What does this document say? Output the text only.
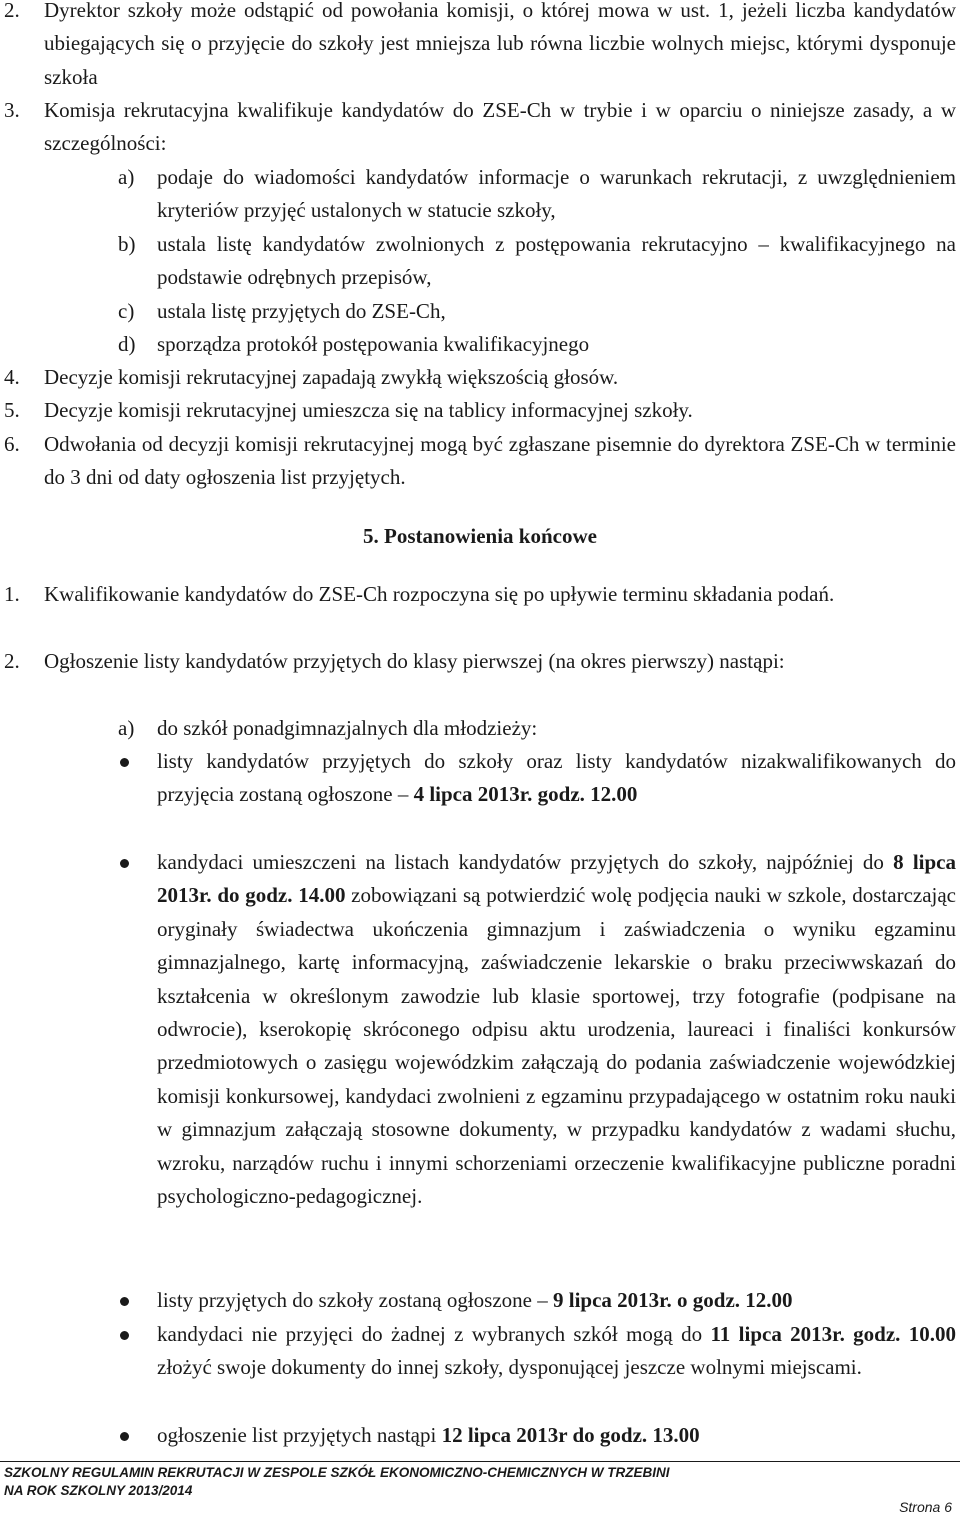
2. Dyrektor szkoły może odstąpić od powołania komisji, o której mowa w ust. 1, jeżeli liczba kandydatów ubiegających się o przyjęcie do szkoły jest mniejsza lub równa liczbie wolnych miejsc, którymi dysponuje szkoła
3. Komisja rekrutacyjna kwalifikuje kandydatów do ZSE-Ch w trybie i w oparciu o niniejsze zasady, a w szczególności:
a) podaje do wiadomości kandydatów informacje o warunkach rekrutacji, z uwzględnieniem kryteriów przyjęć ustalonych w statucie szkoły,
b) ustala listę kandydatów zwolnionych z postępowania rekrutacyjno – kwalifikacyjnego na podstawie odrębnych przepisów,
c) ustala listę przyjętych do ZSE-Ch,
d) sporządza protokół postępowania kwalifikacyjnego
4. Decyzje komisji rekrutacyjnej zapadają zwykłą większością głosów.
5. Decyzje komisji rekrutacyjnej umieszcza się na tablicy informacyjnej szkoły.
6. Odwołania od decyzji komisji rekrutacyjnej mogą być zgłaszane pisemnie do dyrektora ZSE-Ch w terminie do 3 dni od daty ogłoszenia list przyjętych.
5. Postanowienia końcowe
1. Kwalifikowanie kandydatów do ZSE-Ch rozpoczyna się po upływie terminu składania podań.
2. Ogłoszenie listy kandydatów przyjętych do klasy pierwszej (na okres pierwszy) nastąpi:
a) do szkół ponadgimnazjalnych dla młodzieży:
listy kandydatów przyjętych do szkoły oraz listy kandydatów nizakwalifikowanych do przyjęcia zostaną ogłoszone – 4 lipca 2013r. godz. 12.00
kandydaci umieszczeni na listach kandydatów przyjętych do szkoły, najpóźniej do 8 lipca 2013r. do godz. 14.00 zobowiązani są potwierdzić wolę podjęcia nauki w szkole, dostarczając oryginały świadectwa ukończenia gimnazjum i zaświadczenia o wyniku egzaminu gimnazjalnego, kartę informacyjną, zaświadczenie lekarskie o braku przeciwwskazań do kształcenia w określonym zawodzie lub klasie sportowej, trzy fotografie (podpisane na odwrocie), kserokopię skróconego odpisu aktu urodzenia, laureaci i finaliści konkursów przedmiotowych o zasięgu wojewódzkim załączają do podania zaświadczenie wojewódzkiej komisji konkursowej, kandydaci zwolnieni z egzaminu przypadającego w ostatnim roku nauki w gimnazjum załączają stosowne dokumenty, w przypadku kandydatów z wadami słuchu, wzroku, narządów ruchu i innymi schorzeniami orzeczenie kwalifikacyjne publiczne poradni psychologiczno-pedagogicznej.
listy przyjętych do szkoły zostaną ogłoszone – 9 lipca 2013r. o godz. 12.00
kandydaci nie przyjęci do żadnej z wybranych szkół mogą do 11 lipca 2013r. godz. 10.00 złożyć swoje dokumenty do innej szkoły, dysponującej jeszcze wolnymi miejscami.
ogłoszenie list przyjętych nastąpi 12 lipca 2013r do godz. 13.00
SZKOLNY REGULAMIN REKRUTACJI W ZESPOLE SZKÓŁ EKONOMICZNO-CHEMICZNYCH W TRZEBINI
NA ROK SZKOLNY 2013/2014
Strona 6
